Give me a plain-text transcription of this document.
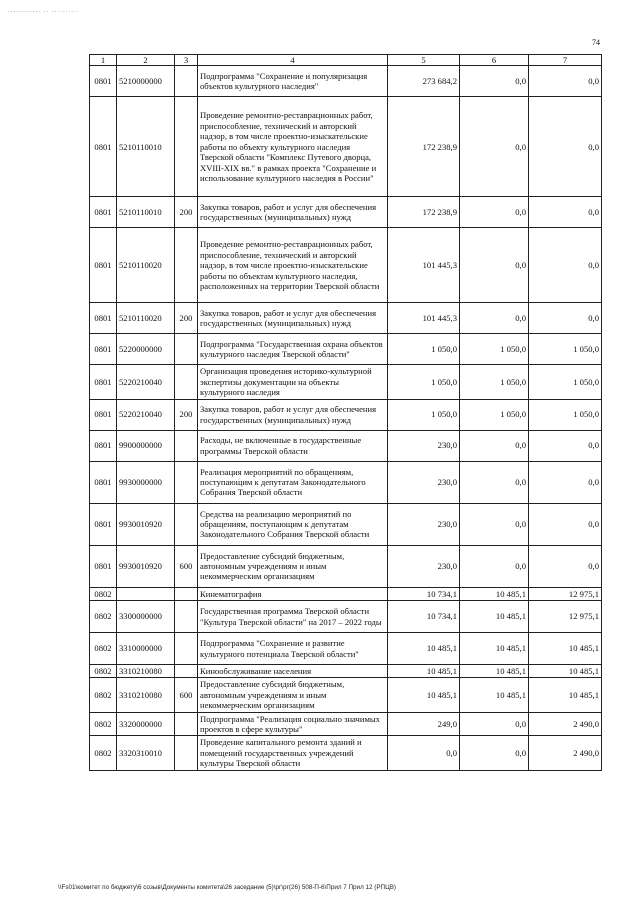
............ .. ..........
74
1	2	3	4	5	6	7
0801	5210000000		Подпрограмма "Сохранение и популяризация объектов культурного наследия"	273 684,2	0,0	0,0
0801	5210110010		Проведение ремонтно-реставрационных работ, приспособление, технический и авторский надзор, в том числе проектно-изыскательские работы по объекту культурного наследия Тверской области "Комплекс Путевого дворца, XVIII-XIX вв." в рамках проекта "Сохранение и использование культурного наследия в России"	172 238,9	0,0	0,0
0801	5210110010	200	Закупка товаров, работ и услуг для обеспечения государственных (муниципальных) нужд	172 238,9	0,0	0,0
0801	5210110020		Проведение ремонтно-реставрационных работ, приспособление, технический и авторский надзор, в том числе проектно-изыскательские работы по объектам культурного наследия, расположенных на территории Тверской области	101 445,3	0,0	0,0
0801	5210110020	200	Закупка товаров, работ и услуг для обеспечения государственных (муниципальных) нужд	101 445,3	0,0	0,0
0801	5220000000		Подпрограмма "Государственная охрана объектов культурного наследия Тверской области"	1 050,0	1 050,0	1 050,0
0801	5220210040		Организация проведения историко-культурной экспертизы документации на объекты культурного наследия	1 050,0	1 050,0	1 050,0
0801	5220210040	200	Закупка товаров, работ и услуг для обеспечения государственных (муниципальных) нужд	1 050,0	1 050,0	1 050,0
0801	9900000000		Расходы, не включенные в государственные программы Тверской области	230,0	0,0	0,0
0801	9930000000		Реализация мероприятий по обращениям, поступающим к депутатам Законодательного Собрания Тверской области	230,0	0,0	0,0
0801	9930010920		Средства на реализацию мероприятий по обращениям, поступающим к депутатам Законодательного Собрания Тверской области	230,0	0,0	0,0
0801	9930010920	600	Предоставление субсидий бюджетным, автономным учреждениям и иным некоммерческим организациям	230,0	0,0	0,0
0802			Кинематография	10 734,1	10 485,1	12 975,1
0802	3300000000		Государственная программа Тверской области "Культура Тверской области" на 2017 – 2022 годы	10 734,1	10 485,1	12 975,1
0802	3310000000		Подпрограмма "Сохранение и развитие культурного потенциала Тверской области"	10 485,1	10 485,1	10 485,1
0802	3310210080		Кинообслуживание населения	10 485,1	10 485,1	10 485,1
0802	3310210080	600	Предоставление субсидий бюджетным, автономным учреждениям и иным некоммерческим организациям	10 485,1	10 485,1	10 485,1
0802	3320000000		Подпрограмма "Реализация социально значимых проектов в сфере культуры"	249,0	0,0	2 490,0
0802	3320310010		Проведение капитального ремонта зданий и помещений государственных учреждений культуры Тверской области	0,0	0,0	2 490,0
\\Fs01\комитет по бюджету\6 созыв\Документы комитета\26 заседание (5)\рг\рг(26) 508-П-6\Прил 7 Прил 12 (РПЦВ)
